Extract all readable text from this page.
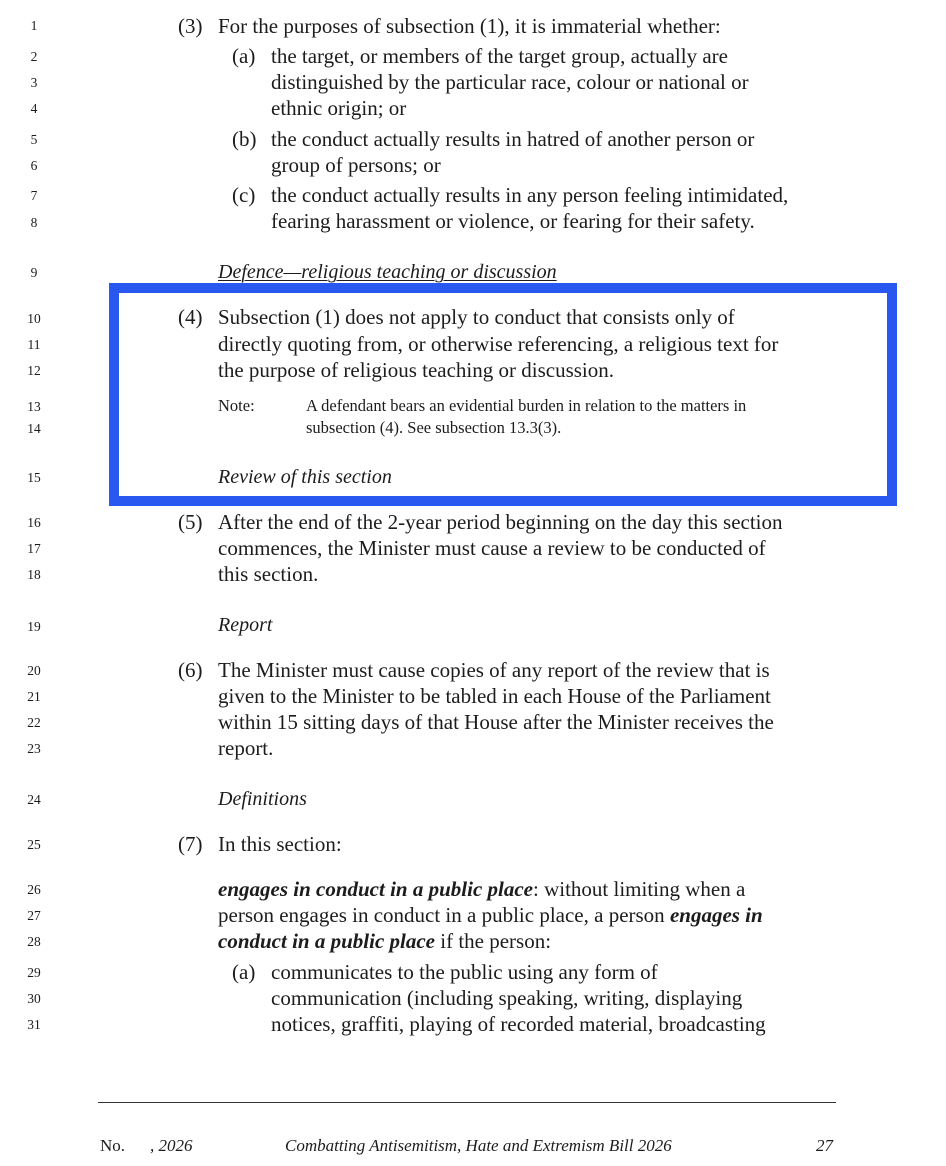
1
2
3
4
5
6
7
8
9
10
11
12
13
14
15
16
17
18
19
20
21
22
23
24
25
26
27
28
29
30
31
(3) For the purposes of subsection (1), it is immaterial whether:
(a) the target, or members of the target group, actually are
distinguished by the particular race, colour or national or
ethnic origin; or
(b) the conduct actually results in hatred of another person or
group of persons; or
(c) the conduct actually results in any person feeling intimidated,
fearing harassment or violence, or fearing for their safety.
Defence—religious teaching or discussion
(4) Subsection (1) does not apply to conduct that consists only of
directly quoting from, or otherwise referencing, a religious text for
the purpose of religious teaching or discussion.
Note:	A defendant bears an evidential burden in relation to the matters in
subsection (4). See subsection 13.3(3).
Review of this section
(5) After the end of the 2-year period beginning on the day this section
commences, the Minister must cause a review to be conducted of
this section.
Report
(6) The Minister must cause copies of any report of the review that is
given to the Minister to be tabled in each House of the Parliament
within 15 sitting days of that House after the Minister receives the
report.
Definitions
(7) In this section:
engages in conduct in a public place: without limiting when a
person engages in conduct in a public place, a person engages in
conduct in a public place if the person:
(a) communicates to the public using any form of
communication (including speaking, writing, displaying
notices, graffiti, playing of recorded material, broadcasting
No. , 2026	Combatting Antisemitism, Hate and Extremism Bill 2026	27
